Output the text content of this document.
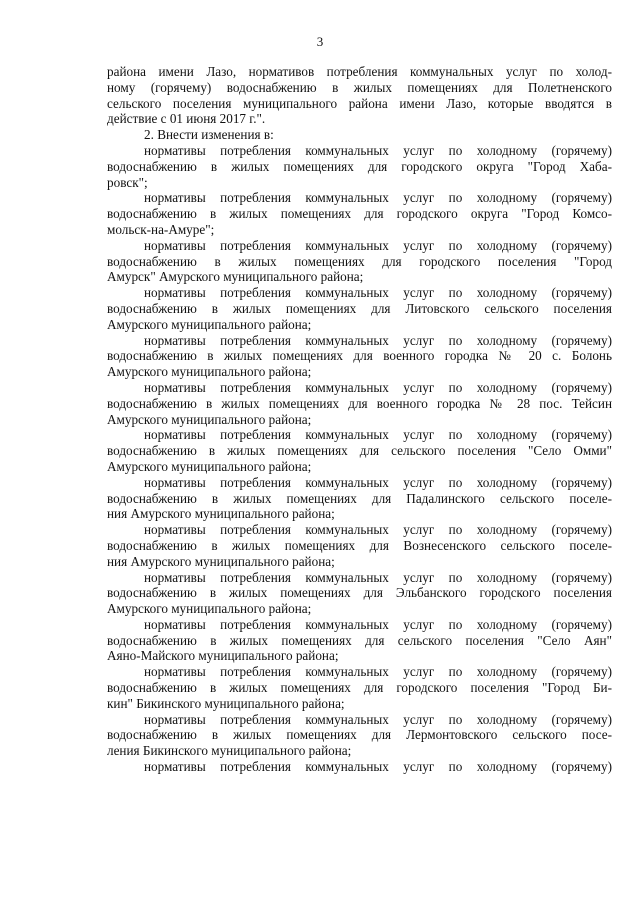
3
района имени Лазо, нормативов потребления коммунальных услуг по холод-
ному (горячему) водоснабжению в жилых помещениях для Полетненского
сельского поселения муниципального района имени Лазо, которые вводятся в
действие с 01 июня 2017 г.".
2. Внести изменения в:
нормативы потребления коммунальных услуг по холодному (горячему)
водоснабжению в жилых помещениях для городского округа "Город Хаба-
ровск";
нормативы потребления коммунальных услуг по холодному (горячему)
водоснабжению в жилых помещениях для городского округа "Город Комсо-
мольск-на-Амуре";
нормативы потребления коммунальных услуг по холодному (горячему)
водоснабжению в жилых помещениях для городского поселения "Город
Амурск" Амурского муниципального района;
нормативы потребления коммунальных услуг по холодному (горячему)
водоснабжению в жилых помещениях для Литовского сельского поселения
Амурского муниципального района;
нормативы потребления коммунальных услуг по холодному (горячему)
водоснабжению в жилых помещениях для военного городка № 20 с. Болонь
Амурского муниципального района;
нормативы потребления коммунальных услуг по холодному (горячему)
водоснабжению в жилых помещениях для военного городка № 28 пос. Тейсин
Амурского муниципального района;
нормативы потребления коммунальных услуг по холодному (горячему)
водоснабжению в жилых помещениях для сельского поселения "Село Омми"
Амурского муниципального района;
нормативы потребления коммунальных услуг по холодному (горячему)
водоснабжению в жилых помещениях для Падалинского сельского поселе-
ния Амурского муниципального района;
нормативы потребления коммунальных услуг по холодному (горячему)
водоснабжению в жилых помещениях для Вознесенского сельского поселе-
ния Амурского муниципального района;
нормативы потребления коммунальных услуг по холодному (горячему)
водоснабжению в жилых помещениях для Эльбанского городского поселения
Амурского муниципального района;
нормативы потребления коммунальных услуг по холодному (горячему)
водоснабжению в жилых помещениях для сельского поселения "Село Аян"
Аяно-Майского муниципального района;
нормативы потребления коммунальных услуг по холодному (горячему)
водоснабжению в жилых помещениях для городского поселения "Город Би-
кин" Бикинского муниципального района;
нормативы потребления коммунальных услуг по холодному (горячему)
водоснабжению в жилых помещениях для Лермонтовского сельского посе-
ления Бикинского муниципального района;
нормативы потребления коммунальных услуг по холодному (горячему)
